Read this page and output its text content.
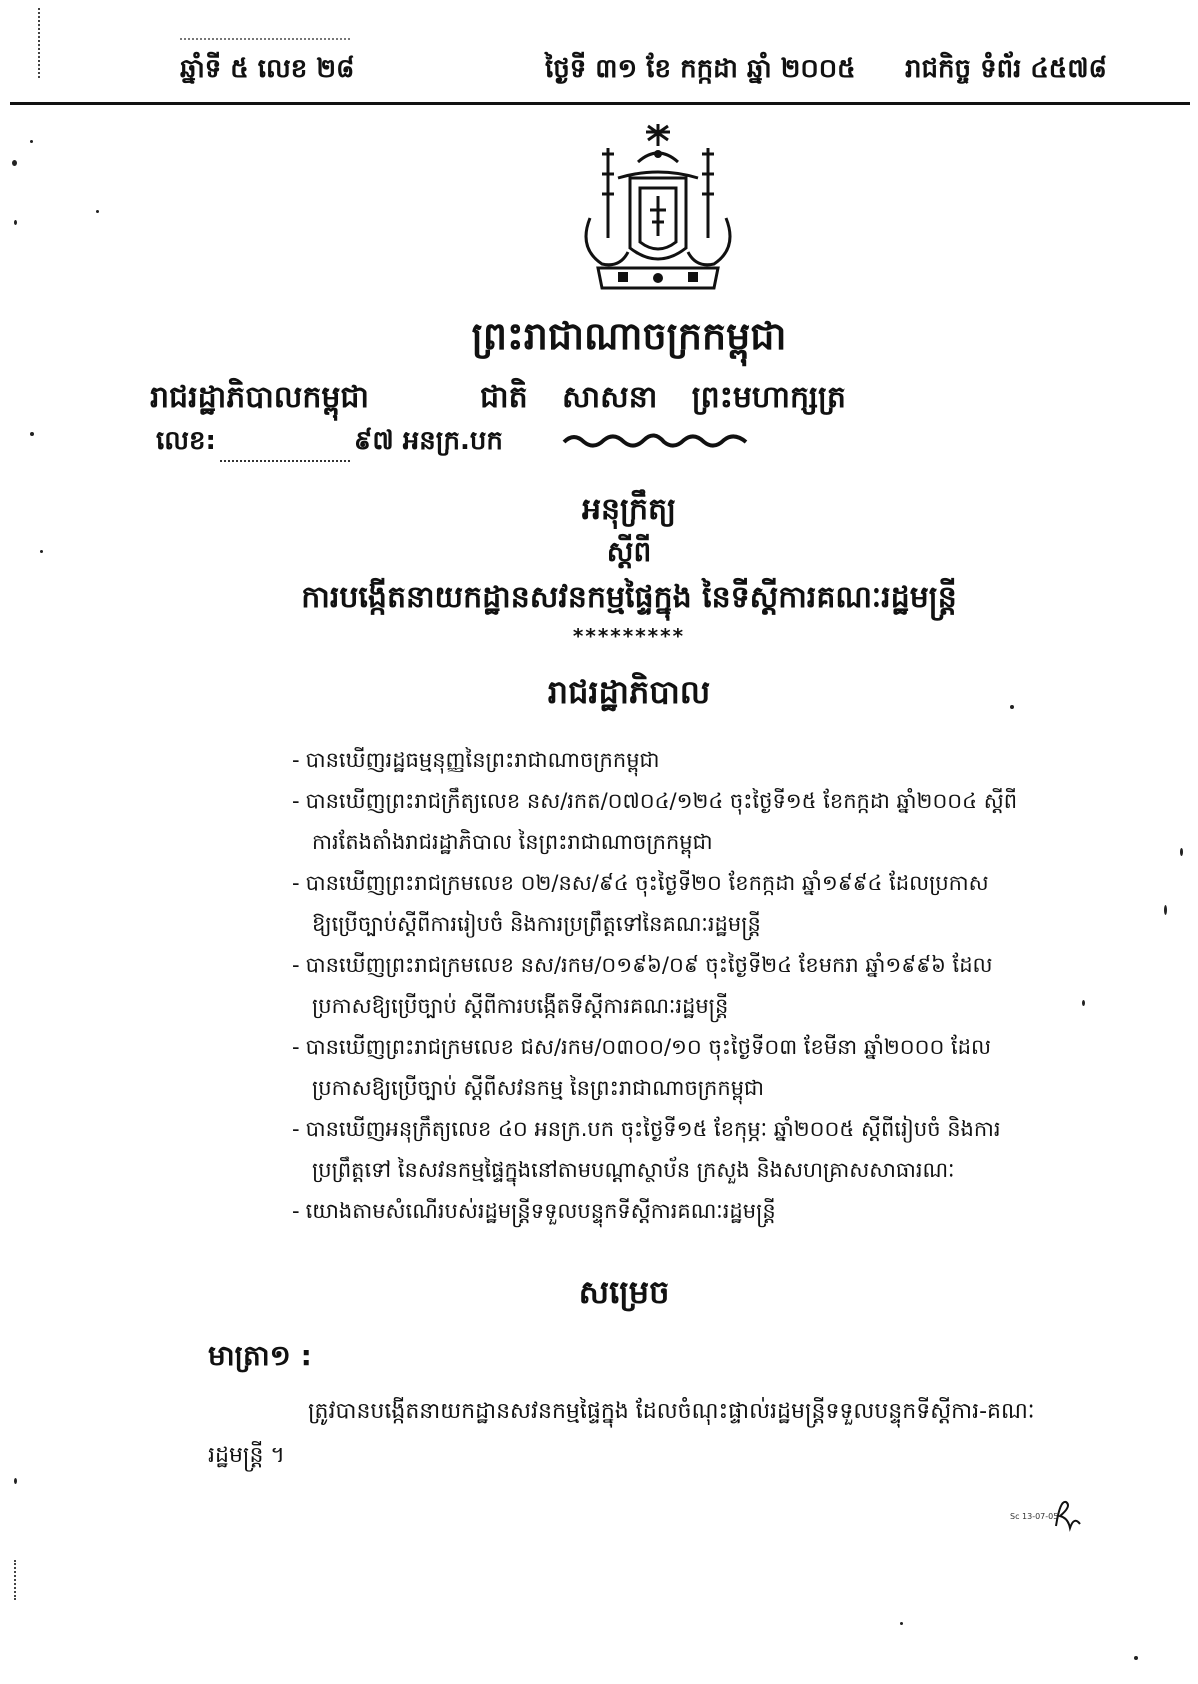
ឆ្នាំទី ៥ លេខ ២៨	ថ្ងៃទី ៣១ ខែ កក្កដា ឆ្នាំ ២០០៥ រាជកិច្ច ទំព័រ ៤៥៧៨
ព្រះរាជាណាចក្រកម្ពុជា
រាជរដ្ឋាភិបាលកម្ពុជា	ជាតិ សាសនា ព្រះមហាក្សត្រ
លេខ:	៩៧ អនក្រ.បក
អនុក្រឹត្យ
ស្តីពី
ការបង្កើតនាយកដ្ឋានសវនកម្មផ្ទៃក្នុង នៃទីស្តីការគណៈរដ្ឋមន្ត្រី
*********
រាជរដ្ឋាភិបាល
- បានឃើញរដ្ឋធម្មនុញ្ញនៃព្រះរាជាណាចក្រកម្ពុជា
- បានឃើញព្រះរាជក្រឹត្យលេខ នស/រកត/០៧០៤/១២៤ ចុះថ្ងៃទី១៥ ខែកក្កដា ឆ្នាំ២០០៤ ស្តីពី
ការតែងតាំងរាជរដ្ឋាភិបាល នៃព្រះរាជាណាចក្រកម្ពុជា
- បានឃើញព្រះរាជក្រមលេខ ០២/នស/៩៤ ចុះថ្ងៃទី២០ ខែកក្កដា ឆ្នាំ១៩៩៤ ដែលប្រកាស
ឱ្យប្រើច្បាប់ស្តីពីការរៀបចំ និងការប្រព្រឹត្តទៅនៃគណៈរដ្ឋមន្ត្រី
- បានឃើញព្រះរាជក្រមលេខ នស/រកម/០១៩៦/០៩ ចុះថ្ងៃទី២៤ ខែមករា ឆ្នាំ១៩៩៦ ដែល
ប្រកាសឱ្យប្រើច្បាប់ ស្តីពីការបង្កើតទីស្តីការគណៈរដ្ឋមន្ត្រី
- បានឃើញព្រះរាជក្រមលេខ ជស/រកម/០៣០០/១០ ចុះថ្ងៃទី០៣ ខែមីនា ឆ្នាំ២០០០ ដែល
ប្រកាសឱ្យប្រើច្បាប់ ស្តីពីសវនកម្ម នៃព្រះរាជាណាចក្រកម្ពុជា
- បានឃើញអនុក្រឹត្យលេខ ៤០ អនក្រ.បក ចុះថ្ងៃទី១៥ ខែកុម្ភៈ ឆ្នាំ២០០៥ ស្តីពីរៀបចំ និងការ
ប្រព្រឹត្តទៅ នៃសវនកម្មផ្ទៃក្នុងនៅតាមបណ្តាស្ថាប័ន ក្រសួង និងសហគ្រាសសាធារណៈ
- យោងតាមសំណើរបស់រដ្ឋមន្ត្រីទទួលបន្ទុកទីស្តីការគណៈរដ្ឋមន្ត្រី
សម្រេច
មាត្រា១ :
ត្រូវបានបង្កើតនាយកដ្ឋានសវនកម្មផ្ទៃក្នុង ដែលចំណុះផ្ទាល់រដ្ឋមន្ត្រីទទួលបន្ទុកទីស្តីការ-គណៈរដ្ឋមន្ត្រី ។
Sc 13-07-05
